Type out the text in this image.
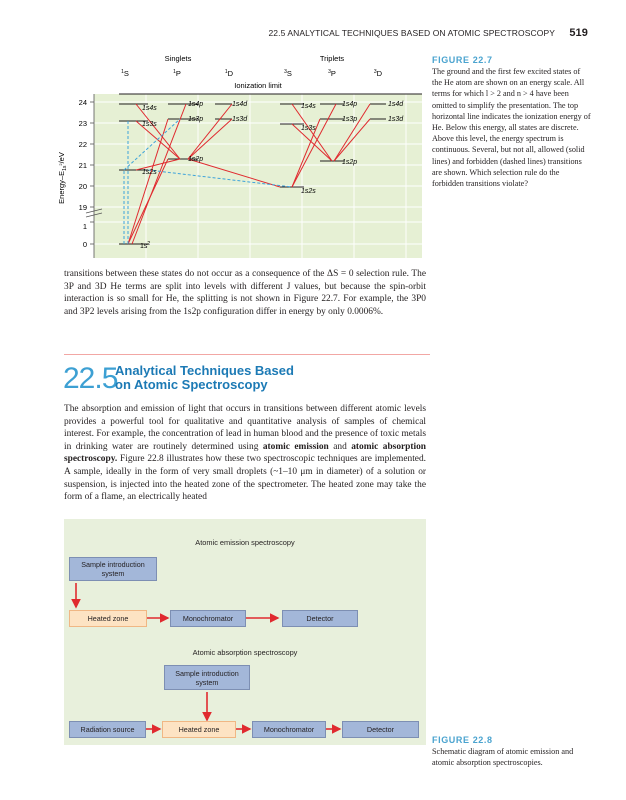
22.5 ANALYTICAL TECHNIQUES BASED ON ATOMIC SPECTROSCOPY 519
Singlets	Triplets
$^1$S	$^1$P	$^1$D	$^3$S	$^3$P	$^3$D
Ionization limit
24
23
22
21
20
19
1
0
Energy–$E_{1s}^2/eV$
1s4s
1s4p	1s4d
1s3s
1s3p	1s3d
1s2p
1s2s
1s4s	1s4p	1s4d
1s3s
1s3p	1s3d
1s2p
1s2s
$1s^2$
FIGURE 22.7
The ground and the first few excited states of the He atom are shown on an energy scale. All terms for which l > 2 and n > 4 have been omitted to simplify the presentation. The top horizontal line indicates the ionization energy of He. Below this energy, all states are discrete. Above this level, the energy spectrum is continuous. Several, but not all, allowed (solid lines) and forbidden (dashed lines) transitions are shown. Which selection rule do the forbidden transitions violate?
transitions between these states do not occur as a consequence of the ΔS = 0 selection rule. The 3P and 3D He terms are split into levels with different J values, but because the spin-orbit interaction is so small for He, the splitting is not shown in Figure 22.7. For example, the 3P0 and 3P2 levels arising from the 1s2p configuration differ in energy by only 0.0006%.
22.5
Analytical Techniques Based
on Atomic Spectroscopy
The absorption and emission of light that occurs in transitions between different atomic levels provides a powerful tool for qualitative and quantitative analysis of samples of chemical interest. For example, the concentration of lead in human blood and the presence of toxic metals in drinking water are routinely determined using atomic emission and atomic absorption spectroscopy. Figure 22.8 illustrates how these two spectroscopic techniques are implemented. A sample, ideally in the form of very small droplets (~1–10 μm in diameter) of a solution or suspension, is injected into the heated zone of the spectrometer. The heated zone may take the form of a flame, an electrically heated
Atomic emission spectroscopy
Sample introduction system
Heated zone	Monochromator	Detector
Atomic absorption spectroscopy
Sample introduction system
Radiation source	Heated zone	Monochromator	Detector
FIGURE 22.8
Schematic diagram of atomic emission and atomic absorption spectroscopies.
